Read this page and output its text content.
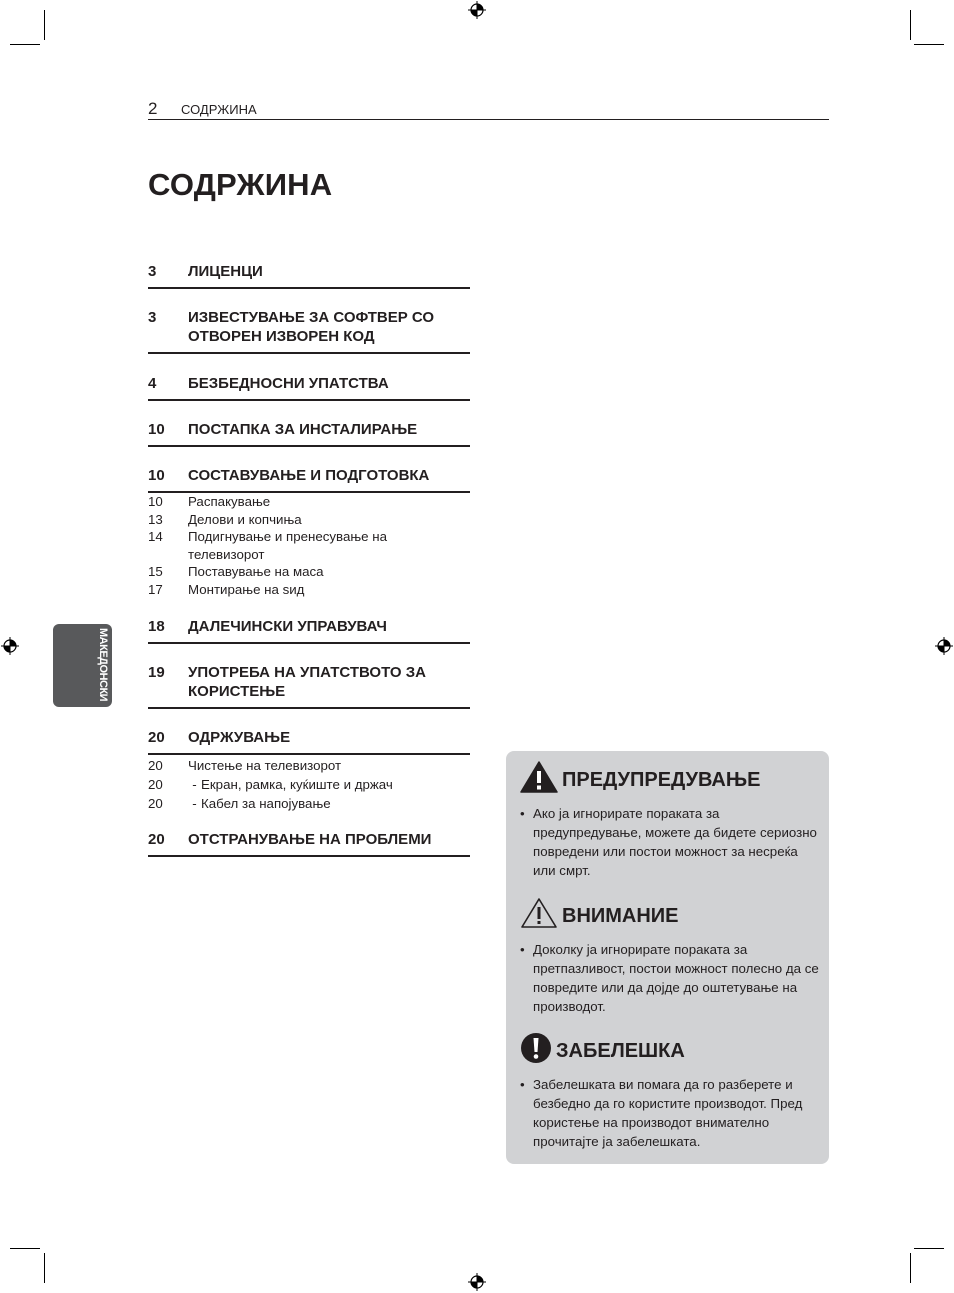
2 СОДРЖИНА
СОДРЖИНА
МАКЕДОНСКИ
3	ЛИЦЕНЦИ
3	ИЗВЕСТУВАЊЕ ЗА СОФТВЕР СО ОТВОРЕН ИЗВОРЕН КОД
4	БЕЗБЕДНОСНИ УПАТСТВА
10	ПОСТАПКА ЗА ИНСТАЛИРАЊЕ
10	СОСТАВУВАЊЕ И ПОДГОТОВКА
10	Распакување
13	Делови и копчиња
14	Подигнување и пренесување на телевизорот
15	Поставување на маса
17	Монтирање на ѕид
18	ДАЛЕЧИНСКИ УПРАВУВАЧ
19	УПОТРЕБА НА УПАТСТВОТО ЗА КОРИСТЕЊЕ
20	ОДРЖУВАЊЕ
20	Чистење на телевизорот
20	- Екран, рамка, куќиште и држач
20	- Кабел за напојување
20	ОТСТРАНУВАЊЕ НА ПРОБЛЕМИ
ПРЕДУПРЕДУВАЊЕ
• Ако ја игнорирате пораката за предупредување, можете да бидете сериозно повредени или постои можност за несреќа или смрт.
ВНИМАНИЕ
• Доколку ја игнорирате пораката за претпазливост, постои можност полесно да се повредите или да дојде до оштетување на производот.
ЗАБЕЛЕШКА
• Забелешката ви помага да го разберете и безбедно да го користите производот. Пред користење на производот внимателно прочитајте ја забелешката.
